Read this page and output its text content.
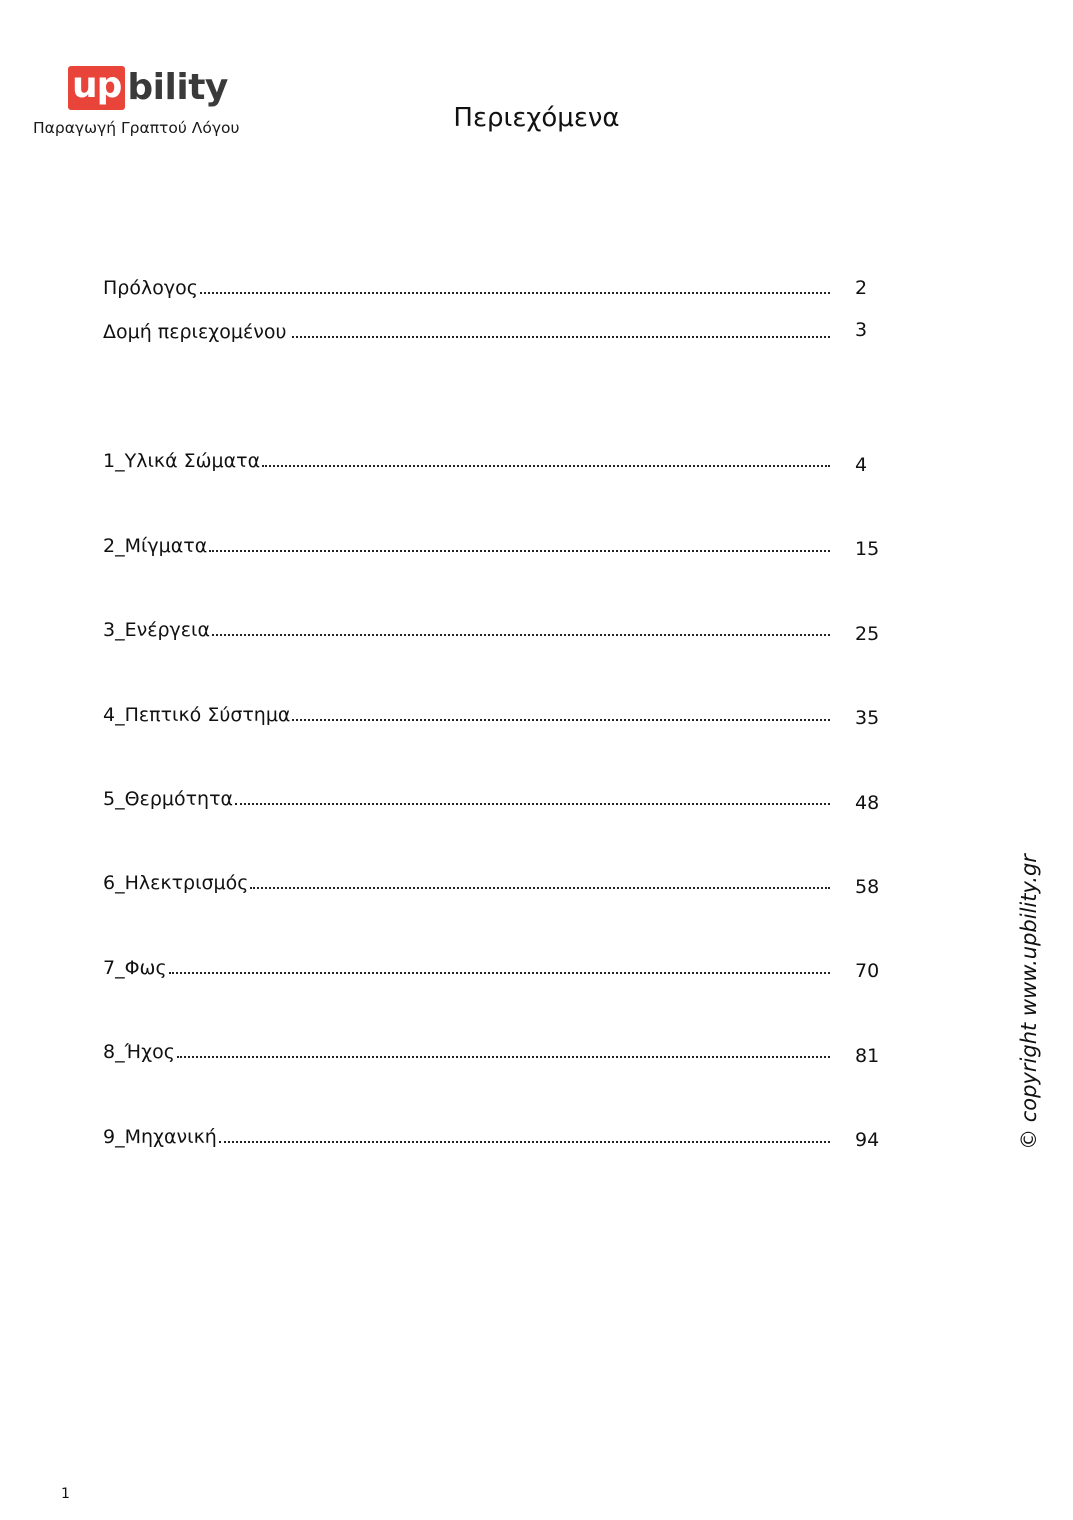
up bility
Παραγωγή Γραπτού Λόγου	Περιεχόμενα
Πρόλογος	2
Δομή περιεχομένου	3
1_Υλικά Σώματα	4
2_Μίγματα	15
3_Ενέργεια	25
4_Πεπτικό Σύστημα	35
5_Θερμότητα	48
6_Ηλεκτρισμός	58
7_Φως	70
8_Ήχος	81
9_Μηχανική	94	© copyright www.upbility.gr
1
